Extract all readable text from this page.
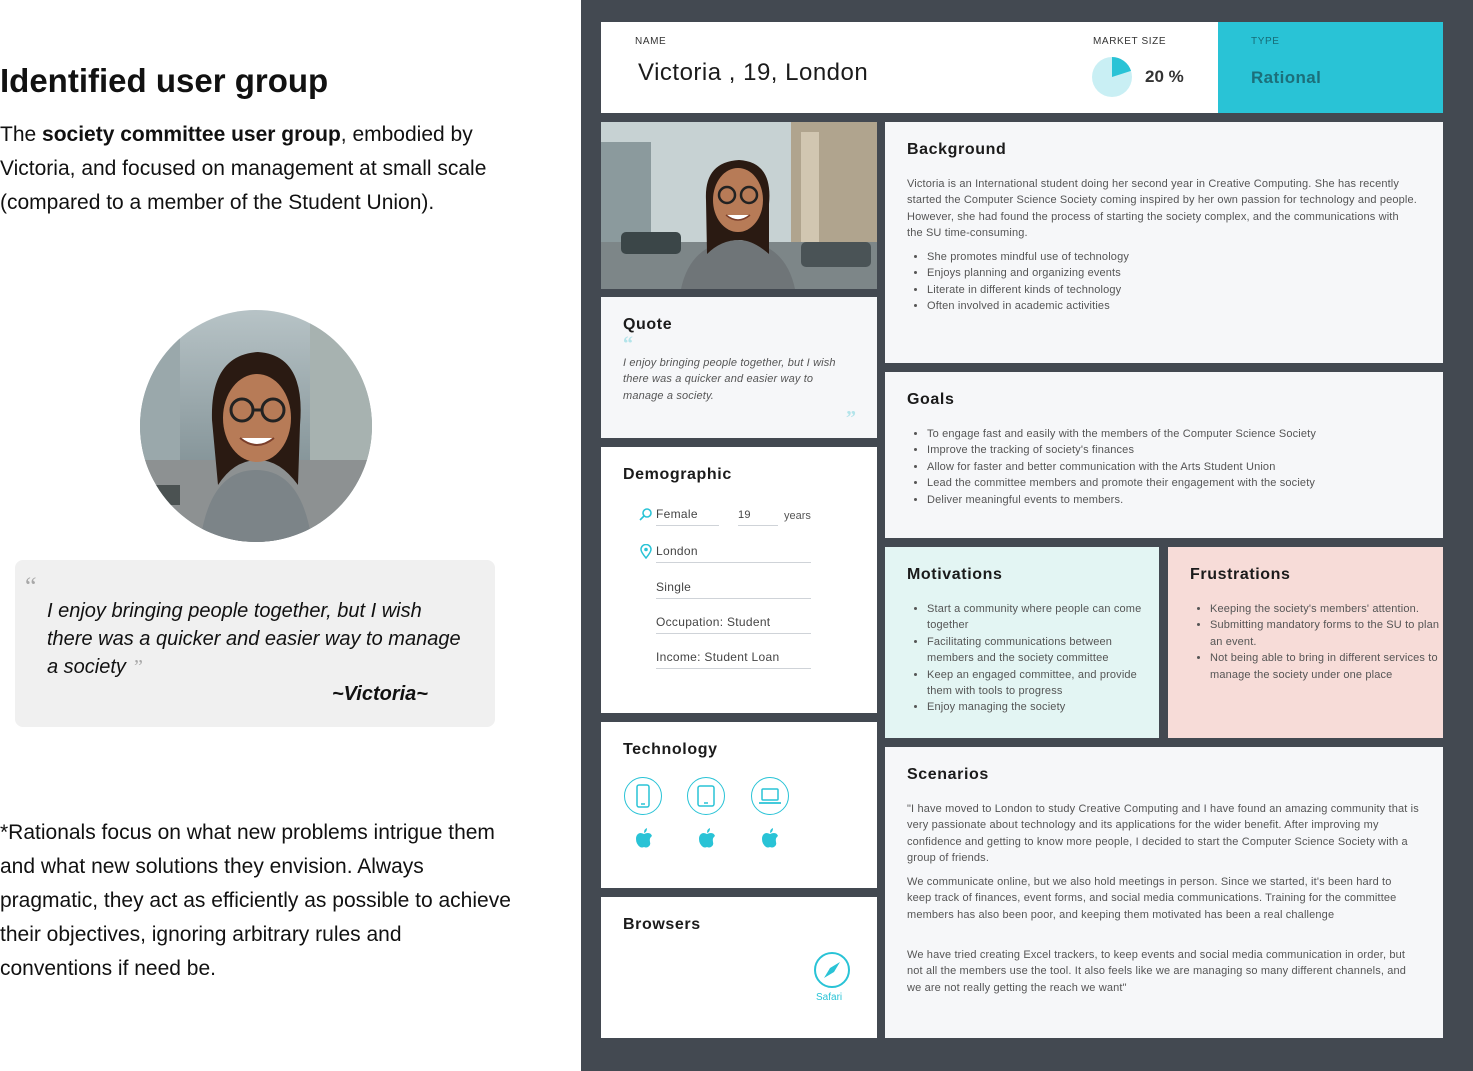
Identified user group

The society committee user group, embodied by Victoria, and focused on management at small scale (compared to a member of the Student Union).

“

I enjoy bringing people together, but I wish there was a quicker and easier way to manage a society ”

~Victoria~

*Rationals focus on what new problems intrigue them and what new solutions they envision. Always pragmatic, they act as efficiently as possible to achieve their objectives, ignoring arbitrary rules and conventions if need be.

NAME
Victoria , 19, London
MARKET SIZE
20 %
TYPE
Rational
Quote
“
I enjoy bringing people together, but I wish there was a quicker and easier way to manage a society.
”
Demographic
Female	19	years
London
Single
Occupation: Student
Income: Student Loan
Technology
Browsers
Safari
Background
Victoria is an International student doing her second year in Creative Computing. She has recently started the Computer Science Society coming inspired by her own passion for technology and people. However, she had found the process of starting the society complex, and the communications with the SU time-consuming.
• She promotes mindful use of technology
• Enjoys planning and organizing events
• Literate in different kinds of technology
• Often involved in academic activities
Goals
• To engage fast and easily with the members of the Computer Science Society
• Improve the tracking of society's finances
• Allow for faster and better communication with the Arts Student Union
• Lead the committee members and promote their engagement with the society
• Deliver meaningful events to members.
Motivations
• Start a community where people can come together
• Facilitating communications between members and the society committee
• Keep an engaged committee, and provide them with tools to progress
• Enjoy managing the society
Frustrations
• Keeping the society's members' attention.
• Submitting mandatory forms to the SU to plan an event.
• Not being able to bring in different services to manage the society under one place
Scenarios
"I have moved to London to study Creative Computing and I have found an amazing community that is very passionate about technology and its applications for the wider benefit. After improving my confidence and getting to know more people, I decided to start the Computer Science Society with a group of friends.
We communicate online, but we also hold meetings in person. Since we started, it's been hard to keep track of finances, event forms, and social media communications. Training for the committee members has also been poor, and keeping them motivated has been a real challenge
We have tried creating Excel trackers, to keep events and social media communication in order, but not all the members use the tool. It also feels like we are managing so many different channels, and we are not really getting the reach we want"
